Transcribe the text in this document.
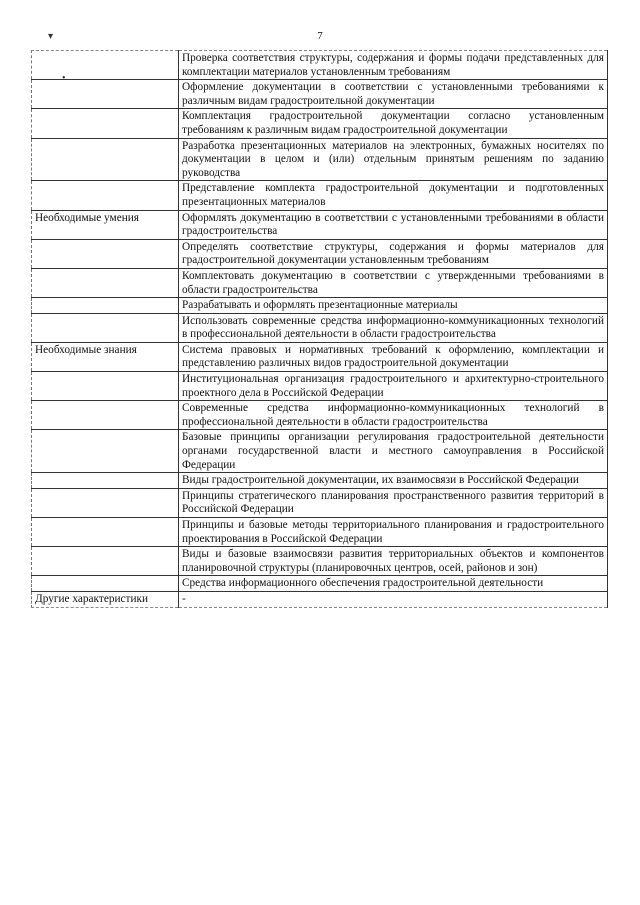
7
▾
•
	Проверка соответствия структуры, содержания и формы подачи представленных для комплектации материалов установленным требованиям
	Оформление документации в соответствии с установленными требованиями к различным видам градостроительной документации
	Комплектация градостроительной документации согласно установленным требованиям к различным видам градостроительной документации
	Разработка презентационных материалов на электронных, бумажных носителях по документации в целом и (или) отдельным принятым решениям по заданию руководства
	Представление комплекта градостроительной документации и подготовленных презентационных материалов
Необходимые умения	Оформлять документацию в соответствии с установленными требованиями в области градостроительства
	Определять соответствие структуры, содержания и формы материалов для градостроительной документации установленным требованиям
	Комплектовать документацию в соответствии с утвержденными требованиями в области градостроительства
	Разрабатывать и оформлять презентационные материалы
	Использовать современные средства информационно-коммуникационных технологий в профессиональной деятельности в области градостроительства
Необходимые знания	Система правовых и нормативных требований к оформлению, комплектации и представлению различных видов градостроительной документации
	Институциональная организация градостроительного и архитектурно-строительного проектного дела в Российской Федерации
	Современные средства информационно-коммуникационных технологий в профессиональной деятельности в области градостроительства
	Базовые принципы организации регулирования градостроительной деятельности органами государственной власти и местного самоуправления в Российской Федерации
	Виды градостроительной документации, их взаимосвязи в Российской Федерации
	Принципы стратегического планирования пространственного развития территорий в Российской Федерации
	Принципы и базовые методы территориального планирования и градостроительного проектирования в Российской Федерации
	Виды и базовые взаимосвязи развития территориальных объектов и компонентов планировочной структуры (планировочных центров, осей, районов и зон)
	Средства информационного обеспечения градостроительной деятельности
Другие характеристики	-
